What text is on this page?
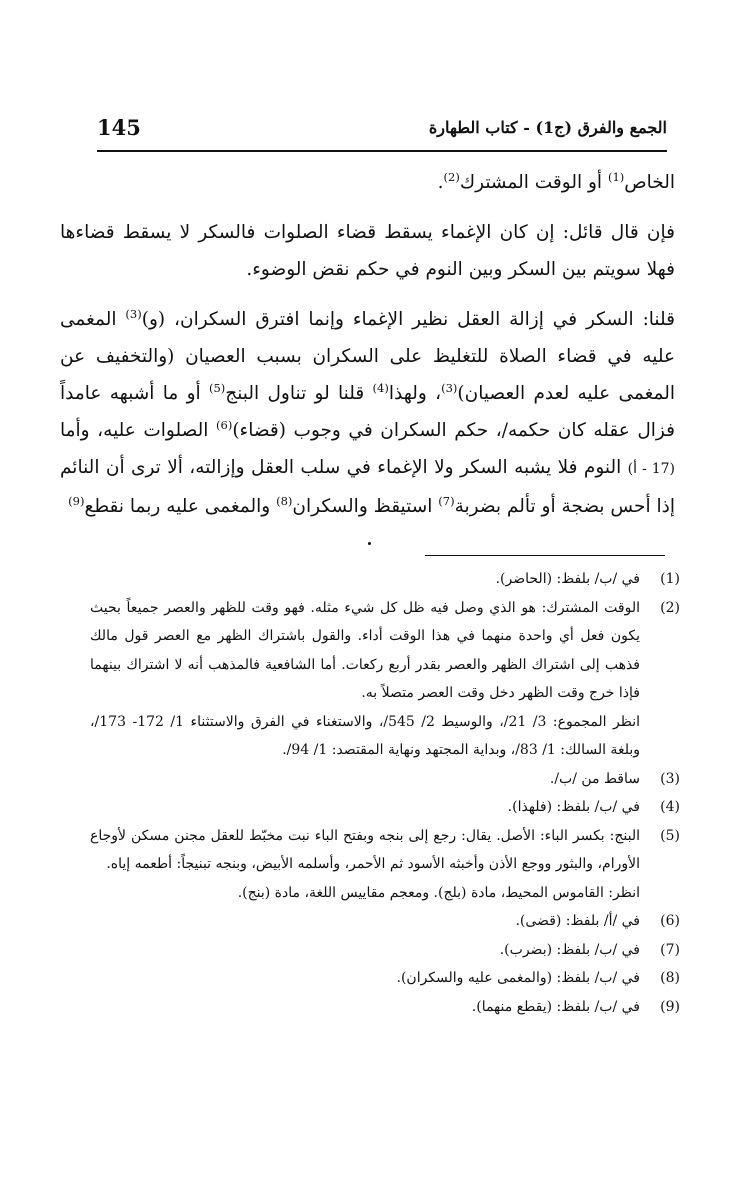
145	الجمع والفرق (ج1) - كتاب الطهارة

الخاص$^{(1)}$ أو الوقت المشترك$^{(2)}$.

فإن قال قائل: إن كان الإغماء يسقط قضاء الصلوات فالسكر لا يسقط قضاءها فهلا سويتم بين السكر وبين النوم في حكم نقض الوضوء.

قلنا: السكر في إزالة العقل نظير الإغماء وإنما افترق السكران، (و)$^{(3)}$ المغمى عليه في قضاء الصلاة للتغليظ على السكران بسبب العصيان (والتخفيف عن المغمى عليه لعدم العصيان)$^{(3)}$، ولهذا$^{(4)}$ قلنا لو تناول البنج$^{(5)}$ أو ما أشبهه عامداً فزال عقله كان حكمه/، حكم السكران في وجوب (قضاء)$^{(6)}$ الصلوات عليه، وأما (17 - أ) النوم فلا يشبه السكر ولا الإغماء في سلب العقل وإزالته، ألا ترى أن النائم إذا أحس بضجة أو تألم بضربة$^{(7)}$ استيقظ والسكران$^{(8)}$ والمغمى عليه ربما نقطع$^{(9)}$

(1)
في /ب/ بلفظ: (الحاضر).
(2)
الوقت المشترك: هو الذي وصل فيه ظل كل شيء مثله. فهو وقت للظهر والعصر جميعاً بحيث يكون فعل أي واحدة منهما في هذا الوقت أداء. والقول باشتراك الظهر مع العصر قول مالك فذهب إلى اشتراك الظهر والعصر بقدر أربع ركعات. أما الشافعية فالمذهب أنه لا اشتراك بينهما فإذا خرج وقت الظهر دخل وقت العصر متصلاً به.
انظر المجموع: 3/ 21/، والوسيط 2/ 545/، والاستغناء في الفرق والاستثناء 1/ 172- 173/، وبلغة السالك: 1/ 83/، وبداية المجتهد ونهاية المقتصد: 1/ 94/.
(3)
ساقط من /ب/.
(4)
في /ب/ بلفظ: (فلهذا).
(5)
البنج: بكسر الباء: الأصل. يقال: رجع إلى بنجه وبفتح الباء نبت مخبّط للعقل مجنن مسكن لأوجاع الأورام، والبثور ووجع الأذن وأخبثه الأسود ثم الأحمر، وأسلمه الأبيض، وبنجه تبنيجاً: أطعمه إياه.
انظر: القاموس المحيط، مادة (بلج). ومعجم مقاييس اللغة، مادة (بنج).
(6)
في /أ/ بلفظ: (قضى).
(7)
في /ب/ بلفظ: (بضرب).
(8)
في /ب/ بلفظ: (والمغمى عليه والسكران).
(9)
في /ب/ بلفظ: (يقطع منهما).
